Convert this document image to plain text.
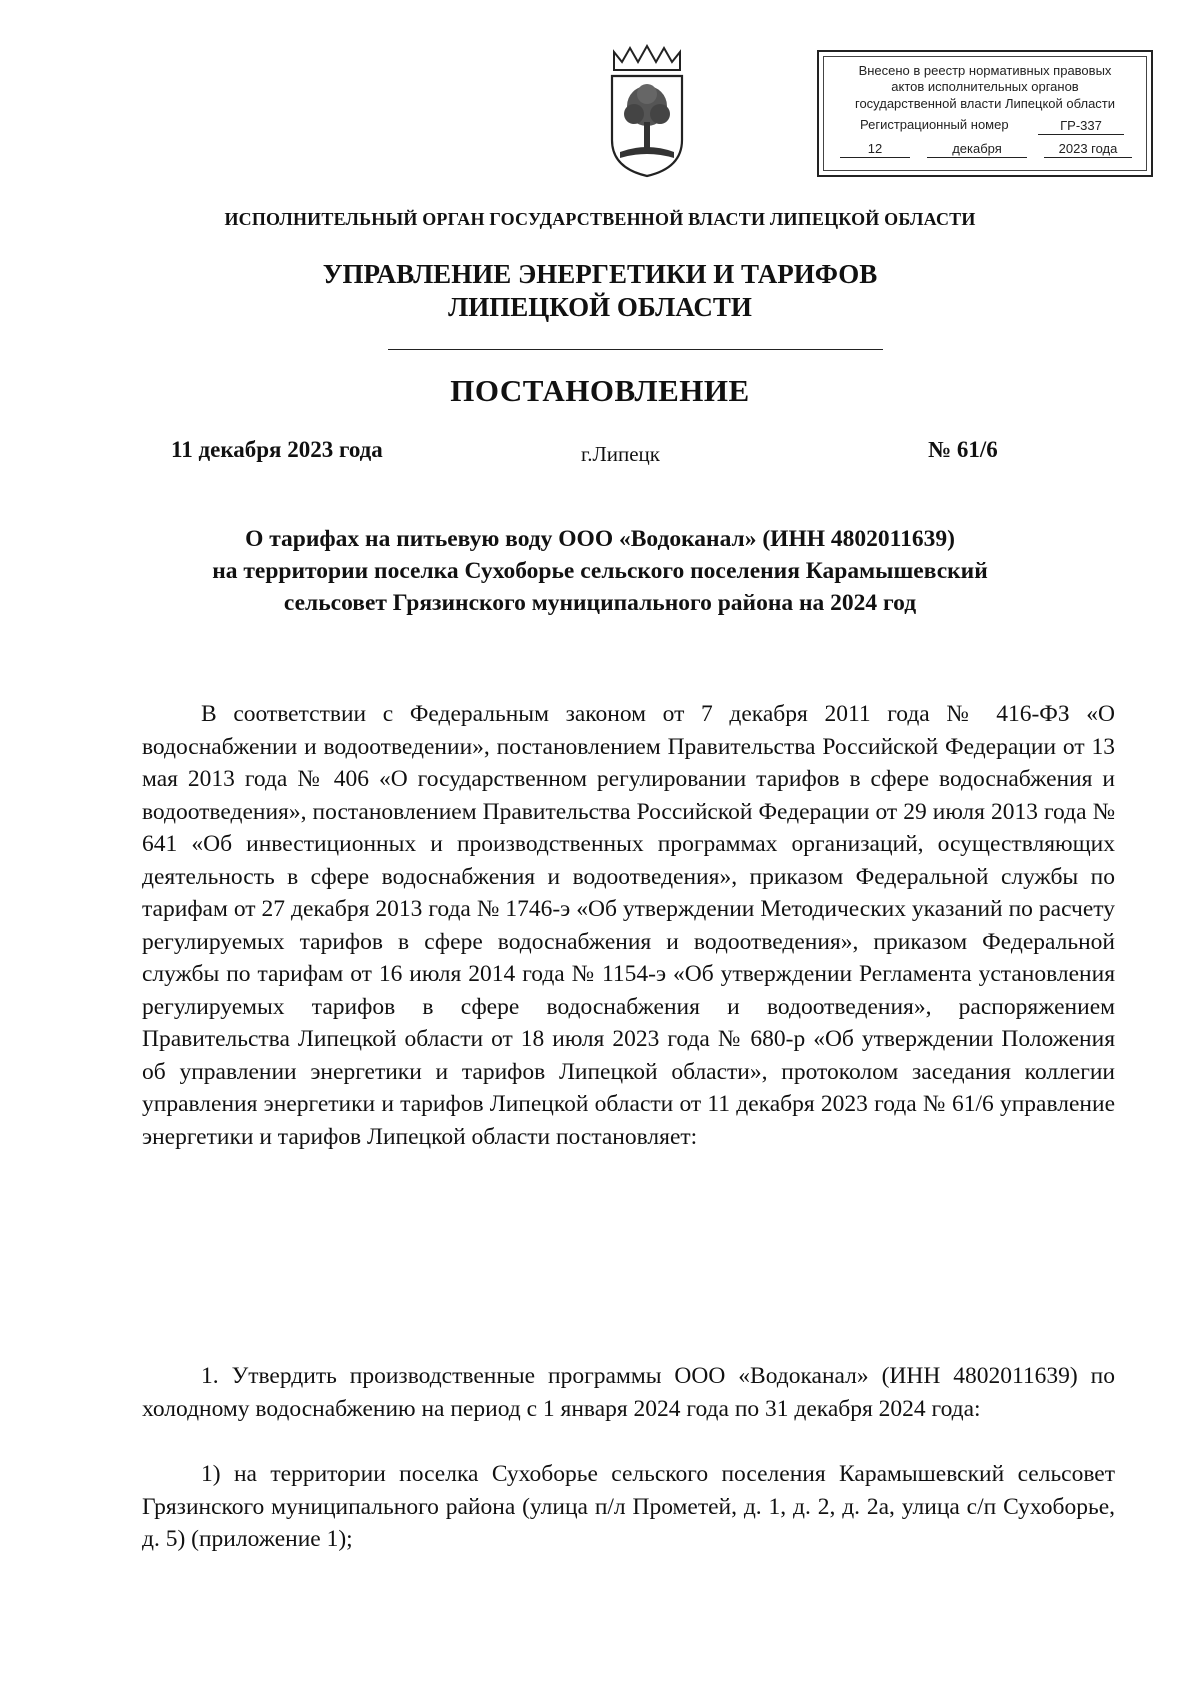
Внесено в реестр нормативных правовых
актов исполнительных органов
государственной власти Липецкой области
Регистрационный номер	ГР-337
12	декабря	2023 года
ИСПОЛНИТЕЛЬНЫЙ ОРГАН ГОСУДАРСТВЕННОЙ ВЛАСТИ ЛИПЕЦКОЙ ОБЛАСТИ
УПРАВЛЕНИЕ ЭНЕРГЕТИКИ И ТАРИФОВ
ЛИПЕЦКОЙ ОБЛАСТИ
ПОСТАНОВЛЕНИЕ
11 декабря 2023 года	г.Липецк	№ 61/6
О тарифах на питьевую воду ООО «Водоканал» (ИНН 4802011639)
на территории поселка Сухоборье сельского поселения Карамышевский
сельсовет Грязинского муниципального района на 2024 год
В соответствии с Федеральным законом от 7 декабря 2011 года № 416-ФЗ «О водоснабжении и водоотведении», постановлением Правительства Российской Федерации от 13 мая 2013 года № 406 «О государственном регулировании тарифов в сфере водоснабжения и водоотведения», постановлением Правительства Российской Федерации от 29 июля 2013 года № 641 «Об инвестиционных и производственных программах организаций, осуществляющих деятельность в сфере водоснабжения и водоотведения», приказом Федеральной службы по тарифам от 27 декабря 2013 года № 1746-э «Об утверждении Методических указаний по расчету регулируемых тарифов в сфере водоснабжения и водоотведения», приказом Федеральной службы по тарифам от 16 июля 2014 года № 1154-э «Об утверждении Регламента установления регулируемых тарифов в сфере водоснабжения и водоотведения», распоряжением Правительства Липецкой области от 18 июля 2023 года № 680-р «Об утверждении Положения об управлении энергетики и тарифов Липецкой области», протоколом заседания коллегии управления энергетики и тарифов Липецкой области от 11 декабря 2023 года № 61/6 управление энергетики и тарифов Липецкой области постановляет:
1. Утвердить производственные программы ООО «Водоканал» (ИНН 4802011639) по холодному водоснабжению на период с 1 января 2024 года по 31 декабря 2024 года:
1) на территории поселка Сухоборье сельского поселения Карамышевский сельсовет Грязинского муниципального района (улица п/л Прометей, д. 1, д. 2, д. 2а, улица с/п Сухоборье, д. 5) (приложение 1);
